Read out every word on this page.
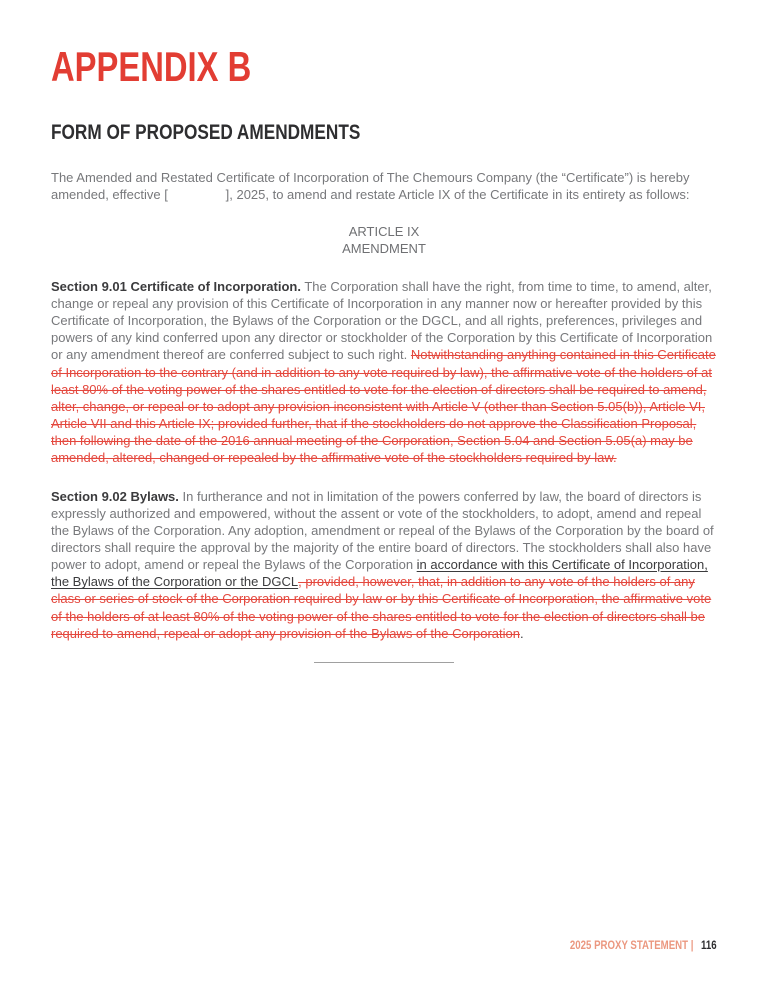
APPENDIX B
FORM OF PROPOSED AMENDMENTS

The Amended and Restated Certificate of Incorporation of The Chemours Company (the “Certificate”) is hereby amended, effective [                ], 2025, to amend and restate Article IX of the Certificate in its entirety as follows:

ARTICLE IX
AMENDMENT

Section 9.01 Certificate of Incorporation. The Corporation shall have the right, from time to time, to amend, alter, change or repeal any provision of this Certificate of Incorporation in any manner now or hereafter provided by this Certificate of Incorporation, the Bylaws of the Corporation or the DGCL, and all rights, preferences, privileges and powers of any kind conferred upon any director or stockholder of the Corporation by this Certificate of Incorporation or any amendment thereof are conferred subject to such right. Notwithstanding anything contained in this Certificate of Incorporation to the contrary (and in addition to any vote required by law), the affirmative vote of the holders of at least 80% of the voting power of the shares entitled to vote for the election of directors shall be required to amend, alter, change, or repeal or to adopt any provision inconsistent with Article V (other than Section 5.05(b)), Article VI, Article VII and this Article IX; provided further, that if the stockholders do not approve the Classification Proposal, then following the date of the 2016 annual meeting of the Corporation, Section 5.04 and Section 5.05(a) may be amended, altered, changed or repealed by the affirmative vote of the stockholders required by law.

Section 9.02 Bylaws. In furtherance and not in limitation of the powers conferred by law, the board of directors is expressly authorized and empowered, without the assent or vote of the stockholders, to adopt, amend and repeal the Bylaws of the Corporation. Any adoption, amendment or repeal of the Bylaws of the Corporation by the board of directors shall require the approval by the majority of the entire board of directors. The stockholders shall also have power to adopt, amend or repeal the Bylaws of the Corporation in accordance with this Certificate of Incorporation, the Bylaws of the Corporation or the DGCL, provided, however, that, in addition to any vote of the holders of any class or series of stock of the Corporation required by law or by this Certificate of Incorporation, the affirmative vote of the holders of at least 80% of the voting power of the shares entitled to vote for the election of directors shall be required to amend, repeal or adopt any provision of the Bylaws of the Corporation.

2025 PROXY STATEMENT | 116
